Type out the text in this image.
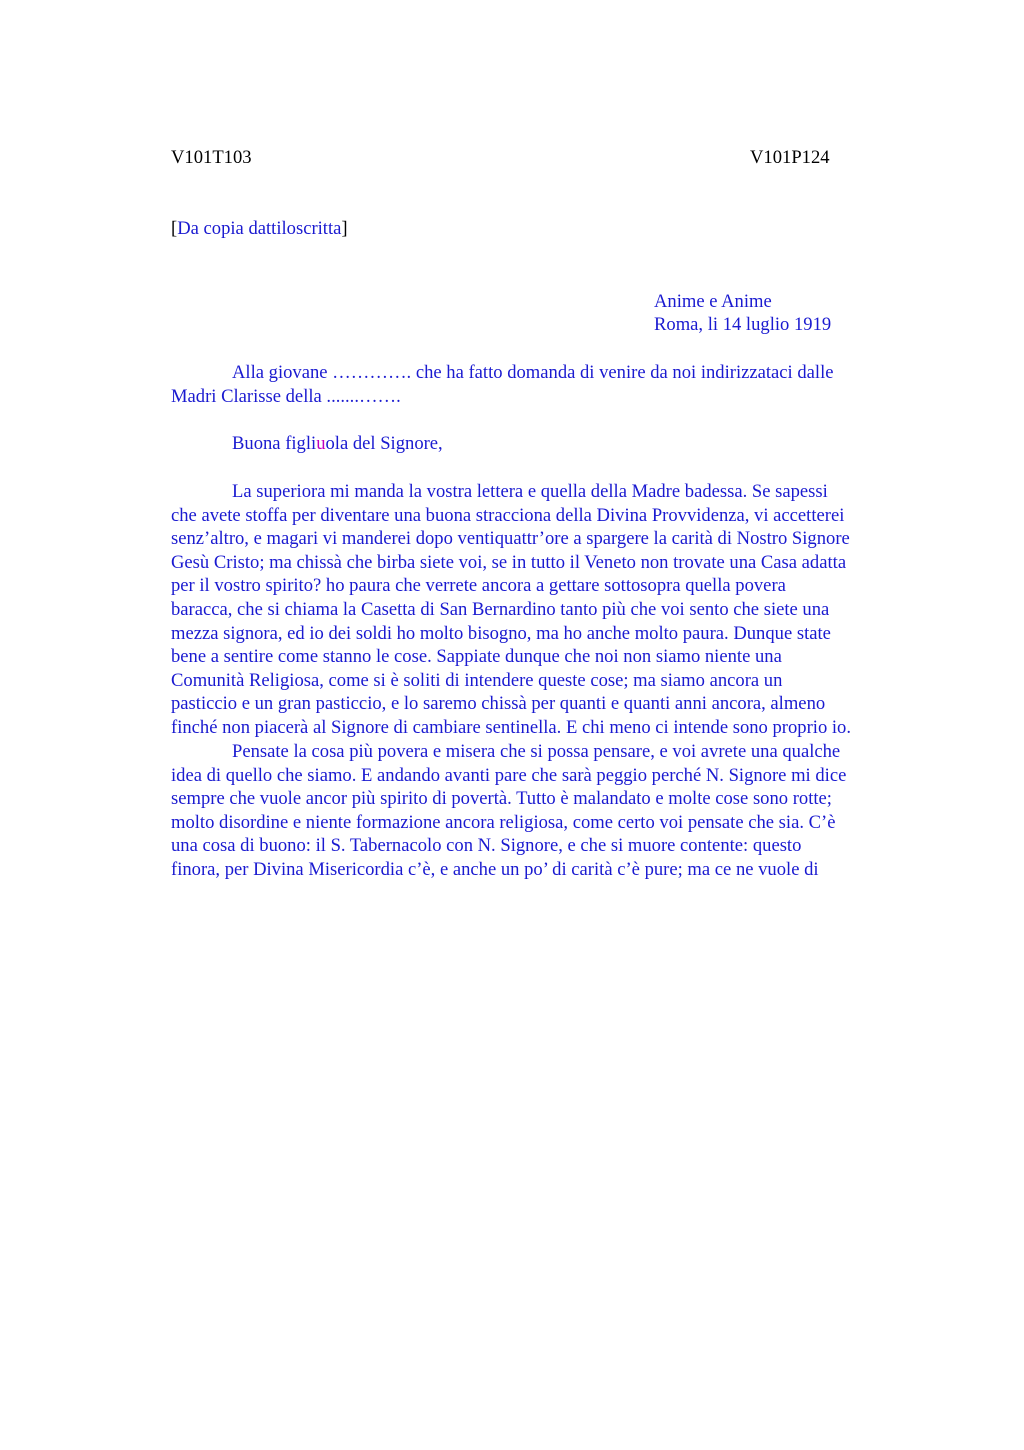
V101T103	V101P124
[Da copia dattiloscritta]
Anime e Anime
Roma, li 14 luglio 1919
Alla giovane …………. che ha fatto domanda di venire da noi indirizzataci dalle
Madri Clarisse della .......…….
Buona figliuola del Signore,
La superiora mi manda la vostra lettera e quella della Madre badessa. Se sapessi
che avete stoffa per diventare una buona stracciona della Divina Provvidenza, vi accetterei
senz’altro, e magari vi manderei dopo ventiquattr’ore a spargere la carità di Nostro Signore
Gesù Cristo; ma chissà che birba siete voi, se in tutto il Veneto non trovate una Casa adatta
per il vostro spirito? ho paura che verrete ancora a gettare sottosopra quella povera
baracca, che si chiama la Casetta di San Bernardino tanto più che voi sento che siete una
mezza signora, ed io dei soldi ho molto bisogno, ma ho anche molto paura. Dunque state
bene a sentire come stanno le cose. Sappiate dunque che noi non siamo niente una
Comunità Religiosa, come si è soliti di intendere queste cose; ma siamo ancora un
pasticcio e un gran pasticcio, e lo saremo chissà per quanti e quanti anni ancora, almeno
finché non piacerà al Signore di cambiare sentinella. E chi meno ci intende sono proprio io.
Pensate la cosa più povera e misera che si possa pensare, e voi avrete una qualche
idea di quello che siamo. E andando avanti pare che sarà peggio perché N. Signore mi dice
sempre che vuole ancor più spirito di povertà. Tutto è malandato e molte cose sono rotte;
molto disordine e niente formazione ancora religiosa, come certo voi pensate che sia. C’è
una cosa di buono: il S. Tabernacolo con N. Signore, e che si muore contente: questo
finora, per Divina Misericordia c’è, e anche un po’ di carità c’è pure; ma ce ne vuole di
